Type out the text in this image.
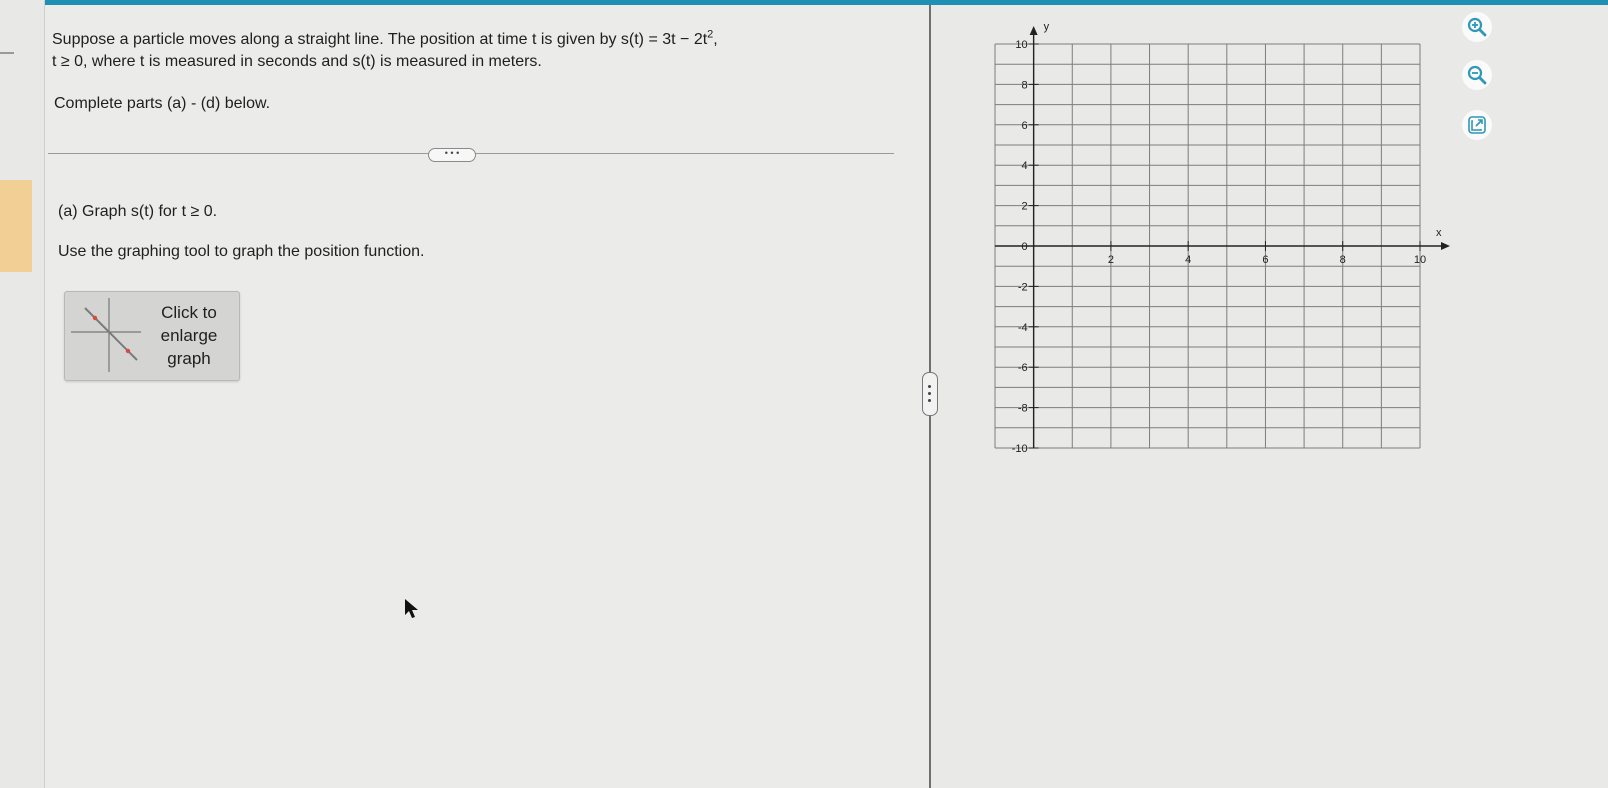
Suppose a particle moves along a straight line. The position at time t is given by $s(t) = 3t - 2t^2$,
t ≥ 0, where t is measured in seconds and s(t) is measured in meters.
Complete parts (a) - (d) below.
• • •
(a) Graph s(t) for t ≥ 0.
Use the graphing tool to graph the position function.
Click to
enlarge
graph
10
8
6
4
2
0
-2
-4
-6
-8
-10
2	4	6	8	10
x
y
